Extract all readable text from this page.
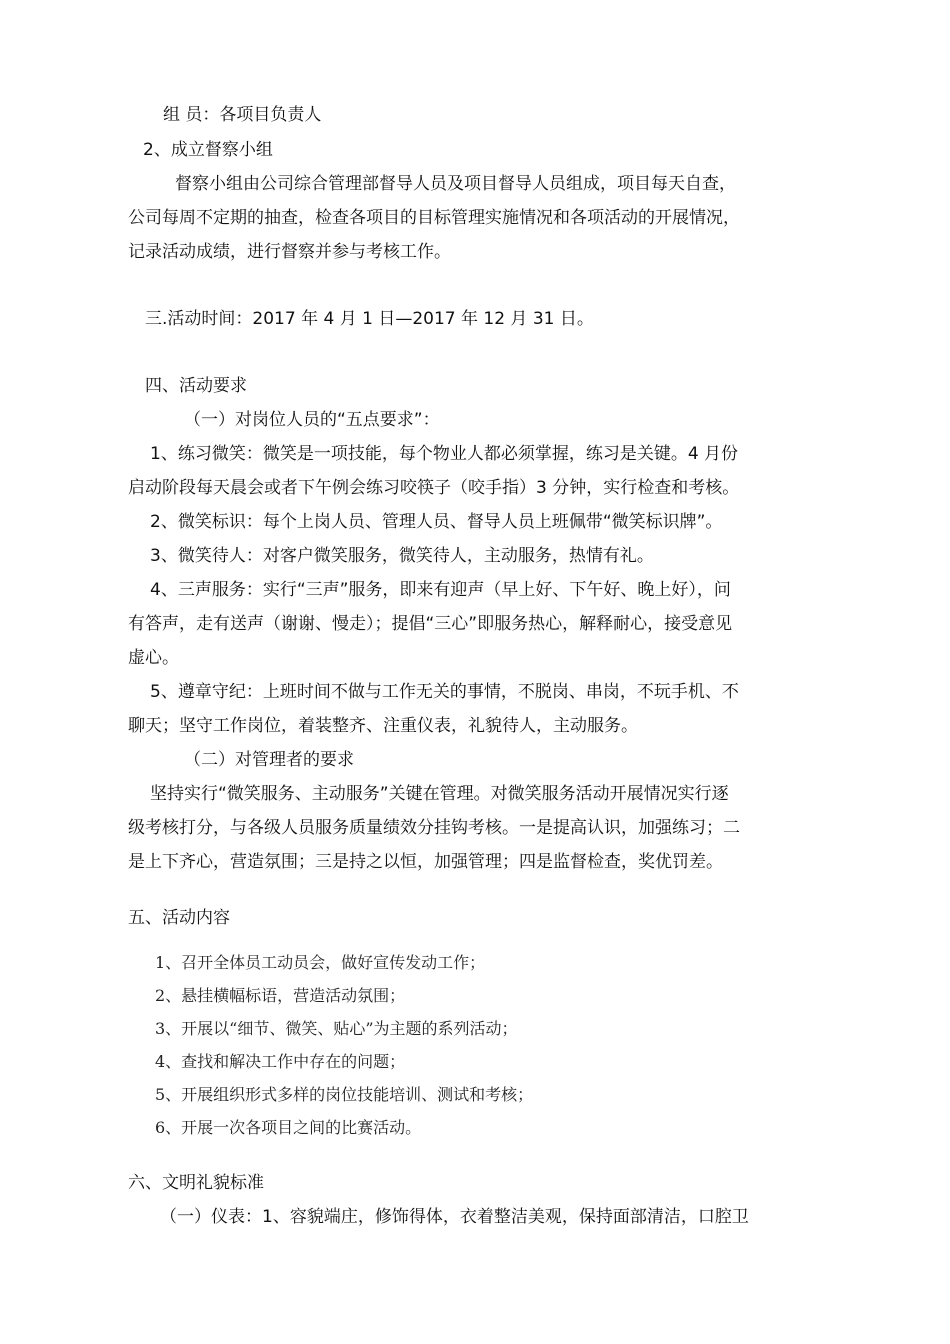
组 员：各项目负责人
2、成立督察小组
督察小组由公司综合管理部督导人员及项目督导人员组成，项目每天自查，
公司每周不定期的抽查，检查各项目的目标管理实施情况和各项活动的开展情况，
记录活动成绩，进行督察并参与考核工作。
三.活动时间：2017 年 4 月 1 日—2017 年 12 月 31 日。
四、活动要求
（一）对岗位人员的“五点要求”：
1、练习微笑：微笑是一项技能，每个物业人都必须掌握，练习是关键。4 月份
启动阶段每天晨会或者下午例会练习咬筷子（咬手指）3 分钟，实行检查和考核。
2、微笑标识：每个上岗人员、管理人员、督导人员上班佩带“微笑标识牌”。
3、微笑待人：对客户微笑服务，微笑待人，主动服务，热情有礼。
4、三声服务：实行“三声”服务，即来有迎声（早上好、下午好、晚上好），问
有答声，走有送声（谢谢、慢走）；提倡“三心”即服务热心，解释耐心，接受意见
虚心。
5、遵章守纪：上班时间不做与工作无关的事情，不脱岗、串岗，不玩手机、不
聊天；坚守工作岗位，着装整齐、注重仪表，礼貌待人，主动服务。
（二）对管理者的要求
坚持实行“微笑服务、主动服务”关键在管理。对微笑服务活动开展情况实行逐
级考核打分，与各级人员服务质量绩效分挂钩考核。一是提高认识，加强练习；二
是上下齐心，营造氛围；三是持之以恒，加强管理；四是监督检查，奖优罚差。
五、活动内容
1、召开全体员工动员会，做好宣传发动工作；
2、悬挂横幅标语，营造活动氛围；
3、开展以“细节、微笑、贴心”为主题的系列活动；
4、查找和解决工作中存在的问题；
5、开展组织形式多样的岗位技能培训、测试和考核；
6、开展一次各项目之间的比赛活动。
六、文明礼貌标准
（一）仪表：1、容貌端庄，修饰得体，衣着整洁美观，保持面部清洁，口腔卫
